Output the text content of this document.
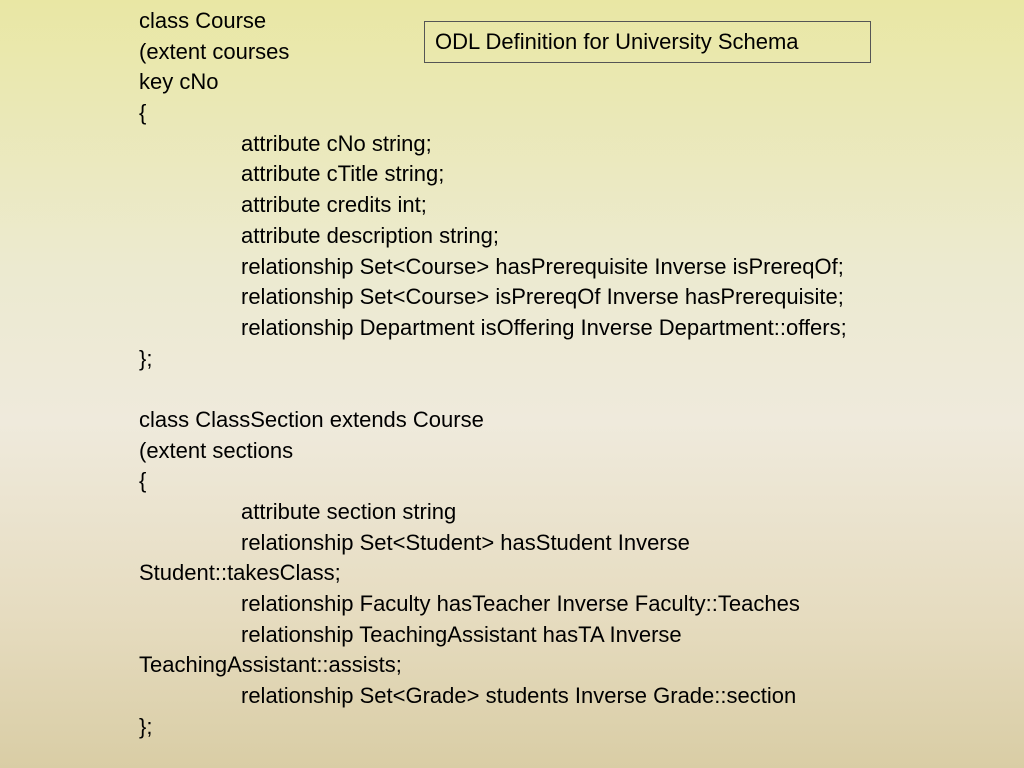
ODL Definition for University Schema
class Course
(extent courses
key cNo
{
attribute cNo string;
attribute cTitle string;
attribute credits int;
attribute description string;
relationship Set<Course> hasPrerequisite Inverse isPrereqOf;
relationship Set<Course> isPrereqOf Inverse hasPrerequisite;
relationship Department isOffering Inverse Department::offers;
};
class ClassSection extends Course
(extent sections
{
attribute section string
relationship Set<Student> hasStudent Inverse
Student::takesClass;
relationship Faculty hasTeacher Inverse Faculty::Teaches
relationship TeachingAssistant hasTA Inverse
TeachingAssistant::assists;
relationship Set<Grade> students Inverse Grade::section
};
